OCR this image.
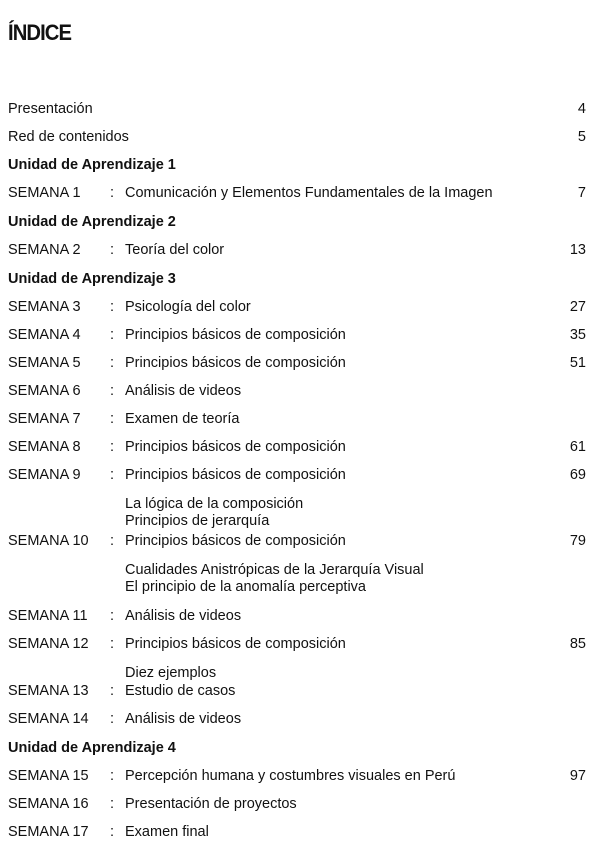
ÍNDICE
Presentación	4
Red de contenidos	5
Unidad de Aprendizaje 1
SEMANA 1 : Comunicación y Elementos Fundamentales de la Imagen	7
Unidad de Aprendizaje 2
SEMANA 2 : Teoría del color	13
Unidad de Aprendizaje 3
SEMANA 3 : Psicología del color	27
SEMANA 4 : Principios básicos de composición	35
SEMANA 5 : Principios básicos de composición	51
SEMANA 6 : Análisis de videos
SEMANA 7 : Examen de teoría
SEMANA 8 : Principios básicos de composición	61
SEMANA 9 : Principios básicos de composición	69
La lógica de la composición
Principios de jerarquía
SEMANA 10 : Principios básicos de composición	79
Cualidades Anistrópicas de la Jerarquía Visual
El principio de la anomalía perceptiva
SEMANA 11 : Análisis de videos
SEMANA 12 : Principios básicos de composición	85
Diez ejemplos
SEMANA 13 : Estudio de casos
SEMANA 14 : Análisis de videos
Unidad de Aprendizaje 4
SEMANA 15 : Percepción humana y costumbres visuales en Perú	97
SEMANA 16 : Presentación de proyectos
SEMANA 17 : Examen final
